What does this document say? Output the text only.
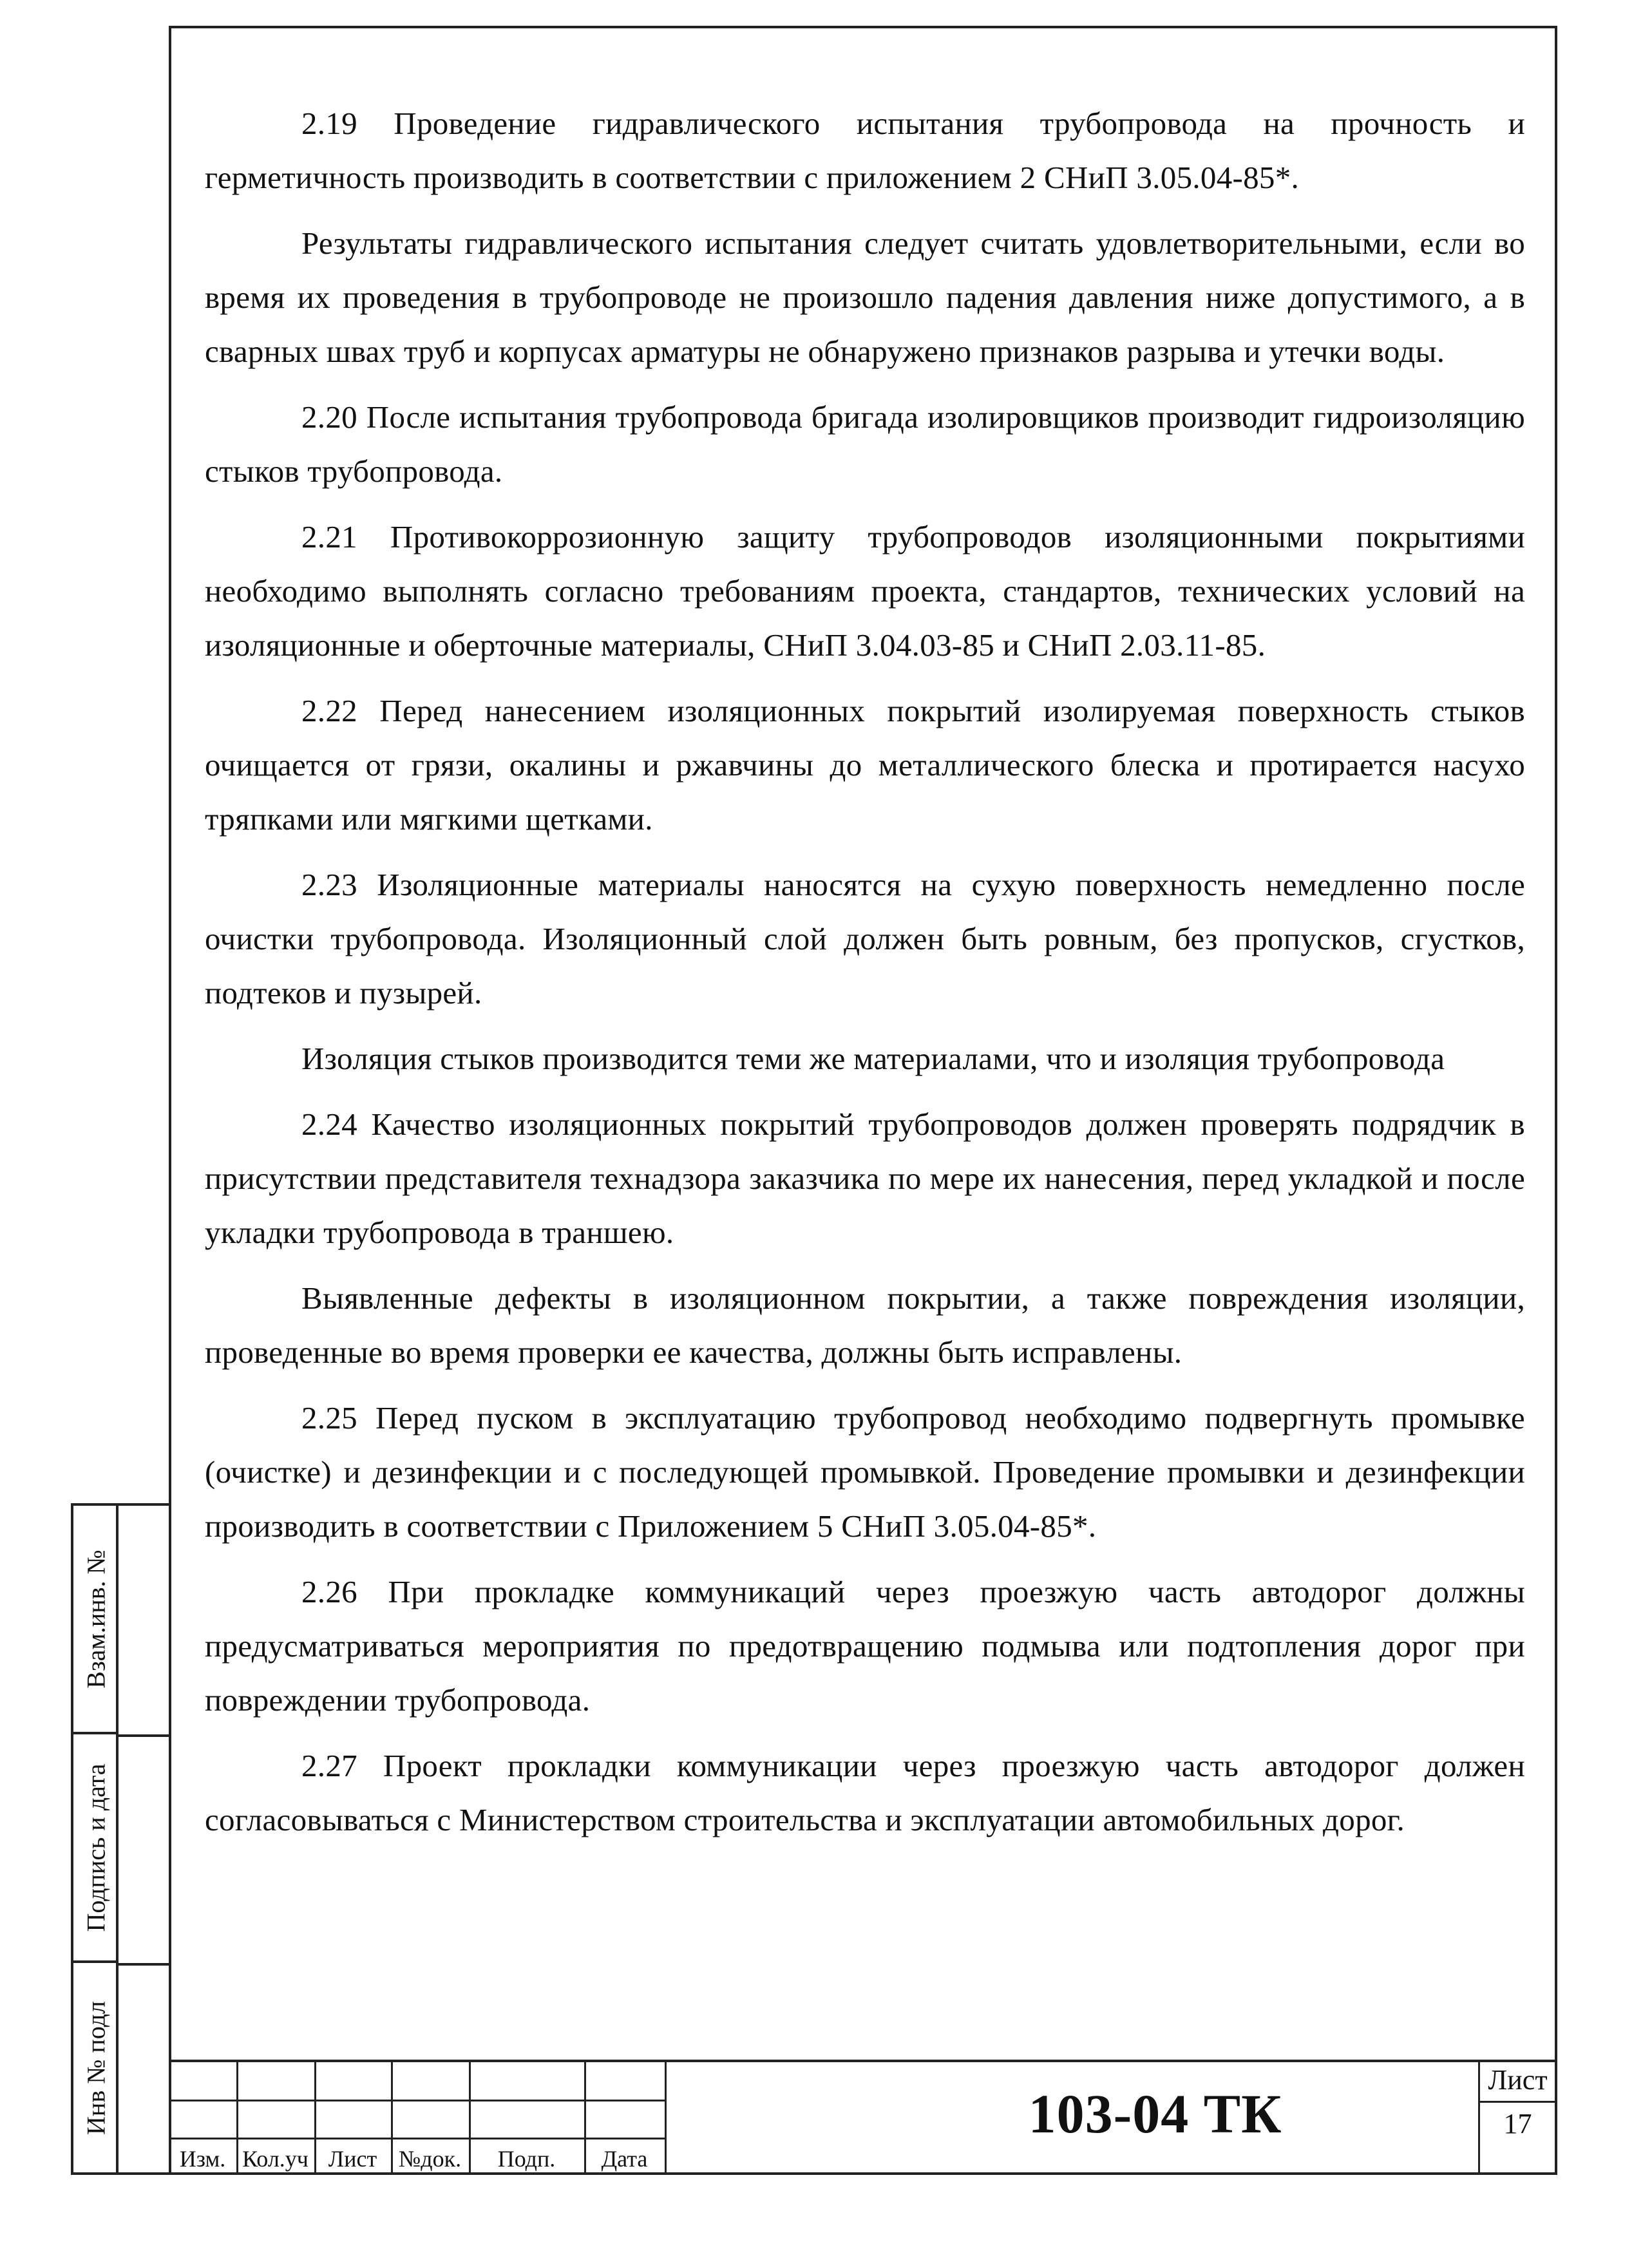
2.19 Проведение гидравлического испытания трубопровода на прочность и герметичность производить в соответствии с приложением 2 СНиП 3.05.04-85*.

Результаты гидравлического испытания следует считать удовлетворительными, если во время их проведения в трубопроводе не произошло падения давления ниже допустимого, а в сварных швах труб и корпусах арматуры не обнаружено признаков разрыва и утечки воды.

2.20 После испытания трубопровода бригада изолировщиков производит гидроизоляцию стыков трубопровода.

2.21 Противокоррозионную защиту трубопроводов изоляционными покрытиями необходимо выполнять согласно требованиям проекта, стандартов, технических условий на изоляционные и оберточные материалы, СНиП 3.04.03-85 и СНиП 2.03.11-85.

2.22 Перед нанесением изоляционных покрытий изолируемая поверхность стыков очищается от грязи, окалины и ржавчины до металлического блеска и протирается насухо тряпками или мягкими щетками.

2.23 Изоляционные материалы наносятся на сухую поверхность немедленно после очистки трубопровода. Изоляционный слой должен быть ровным, без пропусков, сгустков, подтеков и пузырей.

Изоляция стыков производится теми же материалами, что и изоляция трубопровода

2.24 Качество изоляционных покрытий трубопроводов должен проверять подрядчик в присутствии представителя технадзора заказчика по мере их нанесения, перед укладкой и после укладки трубопровода в траншею.

Выявленные дефекты в изоляционном покрытии, а также повреждения изоляции, проведенные во время проверки ее качества, должны быть исправлены.

2.25 Перед пуском в эксплуатацию трубопровод необходимо подвергнуть промывке (очистке) и дезинфекции и с последующей промывкой. Проведение промывки и дезинфекции производить в соответствии с Приложением 5 СНиП 3.05.04-85*.

2.26 При прокладке коммуникаций через проезжую часть автодорог должны предусматриваться мероприятия по предотвращению подмыва или подтопления дорог при повреждении трубопровода.

2.27 Проект прокладки коммуникации через проезжую часть автодорог должен согласовываться с Министерством строительства и эксплуатации автомобильных дорог.

Взам.инв. №
Подпись и дата
Инв № подл
Изм. Кол.уч Лист №док.	Подп.	Дата
103-04 ТК
Лист
17
